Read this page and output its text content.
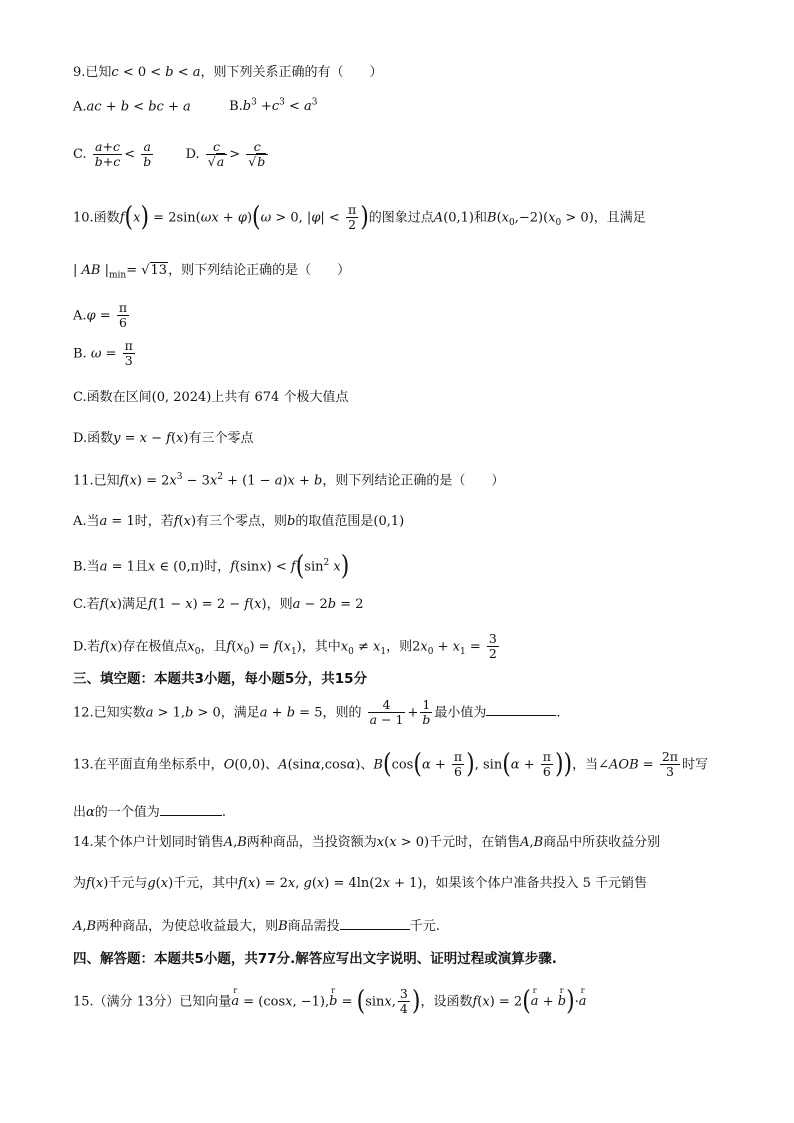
9.已知c < 0 < b < a，则下列关系正确的有（　　）
A.ac + b < bc + a	$B.b^3 +c^3 < a^3$
C. $\frac{a+c}{b+c} < \frac{a}{b} D$. $\frac{c}{√a} > \frac{c}{√b}$
10.函数f(x) = 2sin(ωx + φ)(ω > 0, $|\varphi| < \frac{\pi}{2}$ )的图象过点A(0,1)和$B(x_0,-2)(x_0 > 0)$，且满足
| AB $|_{min}= √13$，则下列结论正确的是（　　）
$A.\varphi = \frac{\pi}{6}$
B. $\omega = \frac{\pi}{3}$
C.函数在区间(0, 2024)上共有 674 个极大值点
D.函数y = x − f(x)有三个零点
11.已知$f(x) = 2x^3 - 3x^2 + (1 - a)x + b$，则下列结论正确的是（　　）
A.当a = 1时，若f(x)有三个零点，则b的取值范围是(0,1)
B.当a = 1且x ∈ (0,π)时，$f(\sin x) < f(\sin^2$ x)
C.若f(x)满足f(1 − x) = 2 − f(x)，则a − 2b = 2
D.若f(x)存在极值点$x_0$，且$f(x_0) = f(x_1)$，其中$x_0 \ne x_1$，则$2x_0 + x_1 = \frac{3}{2}$
三、填空题：本题共3小题，每小题5分，共15分
12.已知实数a > 1,b > 0，满足a + b = 5，则的 $\frac{4}{a - 1} + \frac{1}{b}$ 最小值为	.
13.在平面直角坐标系中，O(0,0)、A(sinα,cosα)、$B(\cos(\alpha + \frac{\pi}{6}$ ), $\sin(\alpha + \frac{\pi}{6}$ ))，当∠AOB = $\frac{2\pi}{3}$ 时写
出α的一个值为	.
14.某个体户计划同时销售A,B两种商品，当投资额为x(x > 0)千元时，在销售A,B商品中所获收益分别
为f(x)千元与g(x)千元，其中f(x) = 2x, g(x) = 4ln(2x + 1)，如果该个体户准备共投入 5 千元销售
A,B两种商品，为使总收益最大，则B商品需投	千元.
四、解答题：本题共5小题，共77分.解答应写出文字说明、证明过程或演算步骤.
15.（满分 13分）已知向量r a = (cosx, −1),r b = (sinx, $\frac{3}{4}$ )，设函数f(x) = 2(r a + r b)·r a
